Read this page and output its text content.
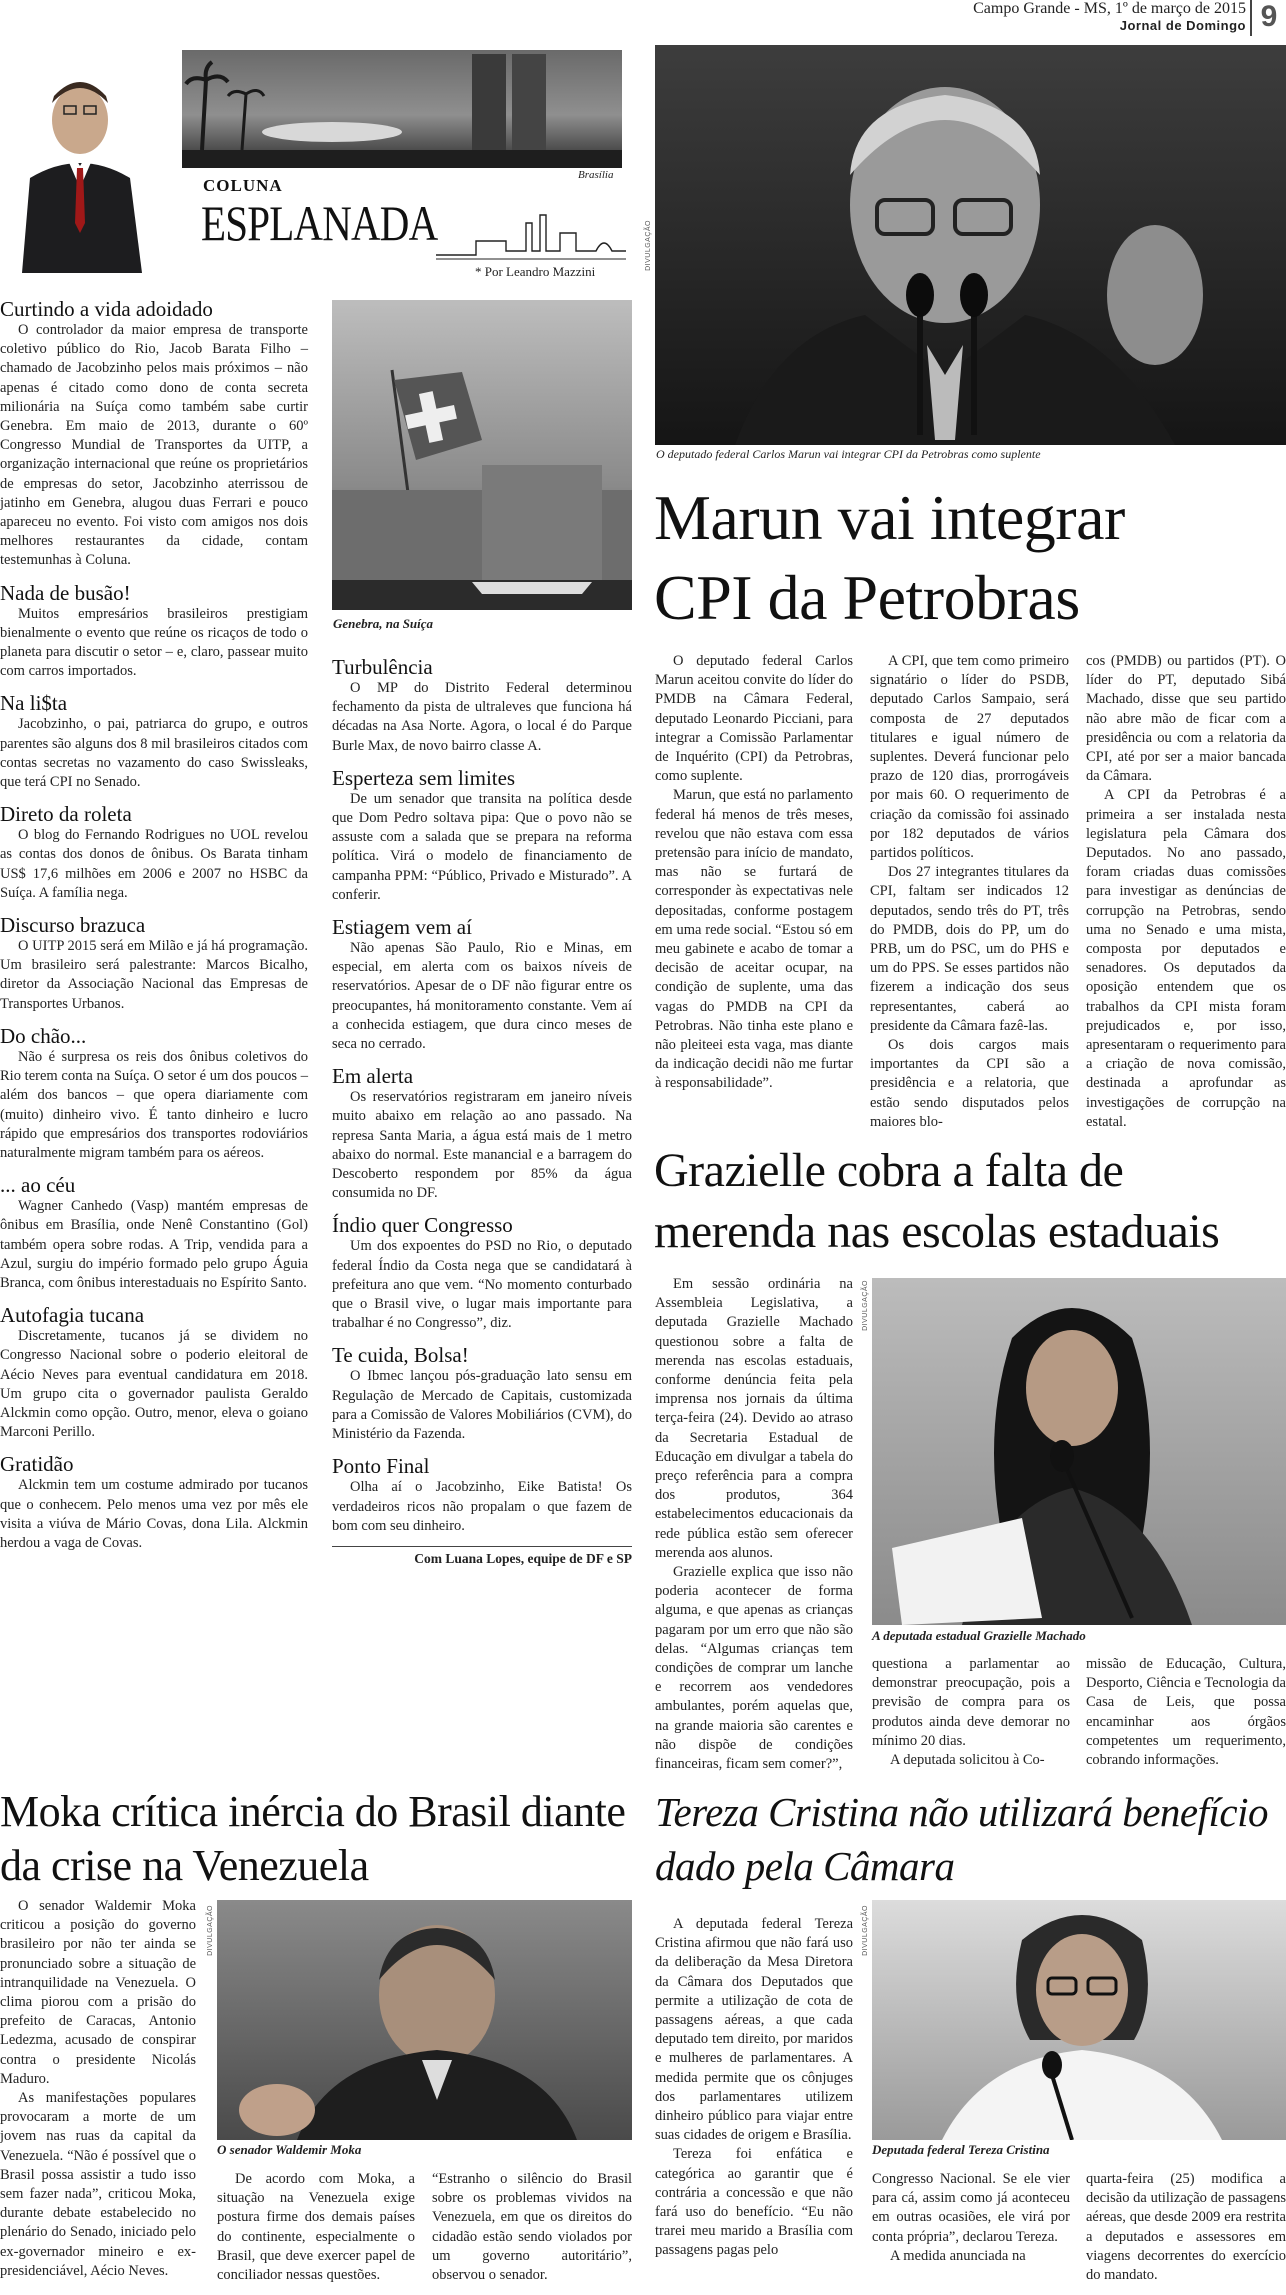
Campo Grande - MS, 1º de março de 2015
Jornal de Domingo 9
Brasília
COLUNA
ESPLANADA
* Por Leandro Mazzini
Curtindo a vida adoidado

O controlador da maior empresa de transporte coletivo público do Rio, Jacob Barata Filho – chamado de Jacobzinho pelos mais próximos – não apenas é citado como dono de conta secreta milionária na Suíça como também sabe curtir Genebra. Em maio de 2013, durante o 60º Congresso Mundial de Transportes da UITP, a organização internacional que reúne os proprietários de empresas do setor, Jacobzinho aterrissou de jatinho em Genebra, alugou duas Ferrari e pouco apareceu no evento. Foi visto com amigos nos dois melhores restaurantes da cidade, contam testemunhas à Coluna.

Nada de busão!

Muitos empresários brasileiros prestigiam bienalmente o evento que reúne os ricaços de todo o planeta para discutir o setor – e, claro, passear muito com carros importados.

Na li$ta

Jacobzinho, o pai, patriarca do grupo, e outros parentes são alguns dos 8 mil brasileiros citados com contas secretas no vazamento do caso Swissleaks, que terá CPI no Senado.

Direto da roleta

O blog do Fernando Rodrigues no UOL revelou as contas dos donos de ônibus. Os Barata tinham US$ 17,6 milhões em 2006 e 2007 no HSBC da Suíça. A família nega.

Discurso brazuca

O UITP 2015 será em Milão e já há programação. Um brasileiro será palestrante: Marcos Bicalho, diretor da Associação Nacional das Empresas de Transportes Urbanos.

Do chão...

Não é surpresa os reis dos ônibus coletivos do Rio terem conta na Suíça. O setor é um dos poucos – além dos bancos – que opera diariamente com (muito) dinheiro vivo. É tanto dinheiro e lucro rápido que empresários dos transportes rodoviários naturalmente migram também para os aéreos.

... ao céu

Wagner Canhedo (Vasp) mantém empresas de ônibus em Brasília, onde Nenê Constantino (Gol) também opera sobre rodas. A Trip, vendida para a Azul, surgiu do império formado pelo grupo Águia Branca, com ônibus interestaduais no Espírito Santo.

Autofagia tucana

Discretamente, tucanos já se dividem no Congresso Nacional sobre o poderio eleitoral de Aécio Neves para eventual candidatura em 2018. Um grupo cita o governador paulista Geraldo Alckmin como opção. Outro, menor, eleva o goiano Marconi Perillo.

Gratidão

Alckmin tem um costume admirado por tucanos que o conhecem. Pelo menos uma vez por mês ele visita a viúva de Mário Covas, dona Lila. Alckmin herdou a vaga de Covas.

Genebra, na Suíça
Turbulência

O MP do Distrito Federal determinou fechamento da pista de ultraleves que funciona há décadas na Asa Norte. Agora, o local é do Parque Burle Max, de novo bairro classe A.

Esperteza sem limites

De um senador que transita na política desde que Dom Pedro soltava pipa: Que o povo não se assuste com a salada que se prepara na reforma política. Virá o modelo de financiamento de campanha PPM: “Público, Privado e Misturado”. A conferir.

Estiagem vem aí

Não apenas São Paulo, Rio e Minas, em especial, em alerta com os baixos níveis de reservatórios. Apesar de o DF não figurar entre os preocupantes, há monitoramento constante. Vem aí a conhecida estiagem, que dura cinco meses de seca no cerrado.

Em alerta

Os reservatórios registraram em janeiro níveis muito abaixo em relação ao ano passado. Na represa Santa Maria, a água está mais de 1 metro abaixo do normal. Este manancial e a barragem do Descoberto respondem por 85% da água consumida no DF.

Índio quer Congresso

Um dos expoentes do PSD no Rio, o deputado federal Índio da Costa nega que se candidatará à prefeitura ano que vem. “No momento conturbado que o Brasil vive, o lugar mais importante para trabalhar é no Congresso”, diz.

Te cuida, Bolsa!

O Ibmec lançou pós-graduação lato sensu em Regulação de Mercado de Capitais, customizada para a Comissão de Valores Mobiliários (CVM), do Ministério da Fazenda.

Ponto Final

Olha aí o Jacobzinho, Eike Batista! Os verdadeiros ricos não propalam o que fazem de bom com seu dinheiro.

Com Luana Lopes, equipe de DF e SP
DIVULGAÇÃO
O deputado federal Carlos Marun vai integrar CPI da Petrobras como suplente
Marun vai integrar
CPI da Petrobras

O deputado federal Carlos Marun aceitou convite do líder do PMDB na Câmara Federal, deputado Leonardo Picciani, para integrar a Comissão Parlamentar de Inquérito (CPI) da Petrobras, como suplente.

Marun, que está no parlamento federal há menos de três meses, revelou que não estava com essa pretensão para início de mandato, mas não se furtará de corresponder às expectativas nele depositadas, conforme postagem em uma rede social. “Estou só em meu gabinete e acabo de tomar a decisão de aceitar ocupar, na condição de suplente, uma das vagas do PMDB na CPI da Petrobras. Não tinha este plano e não pleiteei esta vaga, mas diante da indicação decidi não me furtar à responsabilidade”.

A CPI, que tem como primeiro signatário o líder do PSDB, deputado Carlos Sampaio, será composta de 27 deputados titulares e igual número de suplentes. Deverá funcionar pelo prazo de 120 dias, prorrogáveis por mais 60. O requerimento de criação da comissão foi assinado por 182 deputados de vários partidos políticos.

Dos 27 integrantes titulares da CPI, faltam ser indicados 12 deputados, sendo três do PT, três do PMDB, dois do PP, um do PRB, um do PSC, um do PHS e um do PPS. Se esses partidos não fizerem a indicação dos seus representantes, caberá ao presidente da Câmara fazê-las.

Os dois cargos mais importantes da CPI são a presidência e a relatoria, que estão sendo disputados pelos maiores blo-

cos (PMDB) ou partidos (PT). O líder do PT, deputado Sibá Machado, disse que seu partido não abre mão de ficar com a presidência ou com a relatoria da CPI, até por ser a maior bancada da Câmara.

A CPI da Petrobras é a primeira a ser instalada nesta legislatura pela Câmara dos Deputados. No ano passado, foram criadas duas comissões para investigar as denúncias de corrupção na Petrobras, sendo uma no Senado e uma mista, composta por deputados e senadores. Os deputados da oposição entendem que os trabalhos da CPI mista foram prejudicados e, por isso, apresentaram o requerimento para a criação de nova comissão, destinada a aprofundar as investigações de corrupção na estatal.

Grazielle cobra a falta de
merenda nas escolas estaduais

Em sessão ordinária na Assembleia Legislativa, a deputada Grazielle Machado questionou sobre a falta de merenda nas escolas estaduais, conforme denúncia feita pela imprensa nos jornais da última terça-feira (24). Devido ao atraso da Secretaria Estadual de Educação em divulgar a tabela do preço referência para a compra dos produtos, 364 estabelecimentos educacionais da rede pública estão sem oferecer merenda aos alunos.

Grazielle explica que isso não poderia acontecer de forma alguma, e que apenas as crianças pagaram por um erro que não são delas. “Algumas crianças tem condições de comprar um lanche e recorrem aos vendedores ambulantes, porém aquelas que, na grande maioria são carentes e não dispõe de condições financeiras, ficam sem comer?”,

DIVULGAÇÃO
A deputada estadual Grazielle Machado

questiona a parlamentar ao demonstrar preocupação, pois a previsão de compra para os produtos ainda deve demorar no mínimo 20 dias.

A deputada solicitou à Co-

missão de Educação, Cultura, Desporto, Ciência e Tecnologia da Casa de Leis, que possa encaminhar aos órgãos competentes um requerimento, cobrando informações.

Moka crítica inércia do Brasil diante
da crise na Venezuela

O senador Waldemir Moka criticou a posição do governo brasileiro por não ter ainda se pronunciado sobre a situação de intranquilidade na Venezuela. O clima piorou com a prisão do prefeito de Caracas, Antonio Ledezma, acusado de conspirar contra o presidente Nicolás Maduro.

As manifestações populares provocaram a morte de um jovem nas ruas da capital da Venezuela. “Não é possível que o Brasil possa assistir a tudo isso sem fazer nada”, criticou Moka, durante debate estabelecido no plenário do Senado, iniciado pelo ex-governador mineiro e ex-presidenciável, Aécio Neves.

DIVULGAÇÃO
O senador Waldemir Moka

De acordo com Moka, a situação na Venezuela exige postura firme dos demais países do continente, especialmente o Brasil, que deve exercer papel de conciliador nessas questões.

“Estranho o silêncio do Brasil sobre os problemas vividos na Venezuela, em que os direitos do cidadão estão sendo violados por um governo autoritário”, observou o senador.

Tereza Cristina não utilizará benefício
dado pela Câmara

A deputada federal Tereza Cristina afirmou que não fará uso da deliberação da Mesa Diretora da Câmara dos Deputados que permite a utilização de cota de passagens aéreas, a que cada deputado tem direito, por maridos e mulheres de parlamentares. A medida permite que os cônjuges dos parlamentares utilizem dinheiro público para viajar entre suas cidades de origem e Brasília.

Tereza foi enfática e categórica ao garantir que é contrária a concessão e que não fará uso do benefício. “Eu não trarei meu marido a Brasília com passagens pagas pelo

DIVULGAÇÃO
Deputada federal Tereza Cristina

Congresso Nacional. Se ele vier para cá, assim como já aconteceu em outras ocasiões, ele virá por conta própria”, declarou Tereza.

A medida anunciada na

quarta-feira (25) modifica a decisão da utilização de passagens aéreas, que desde 2009 era restrita a deputados e assessores em viagens decorrentes do exercício do mandato.
